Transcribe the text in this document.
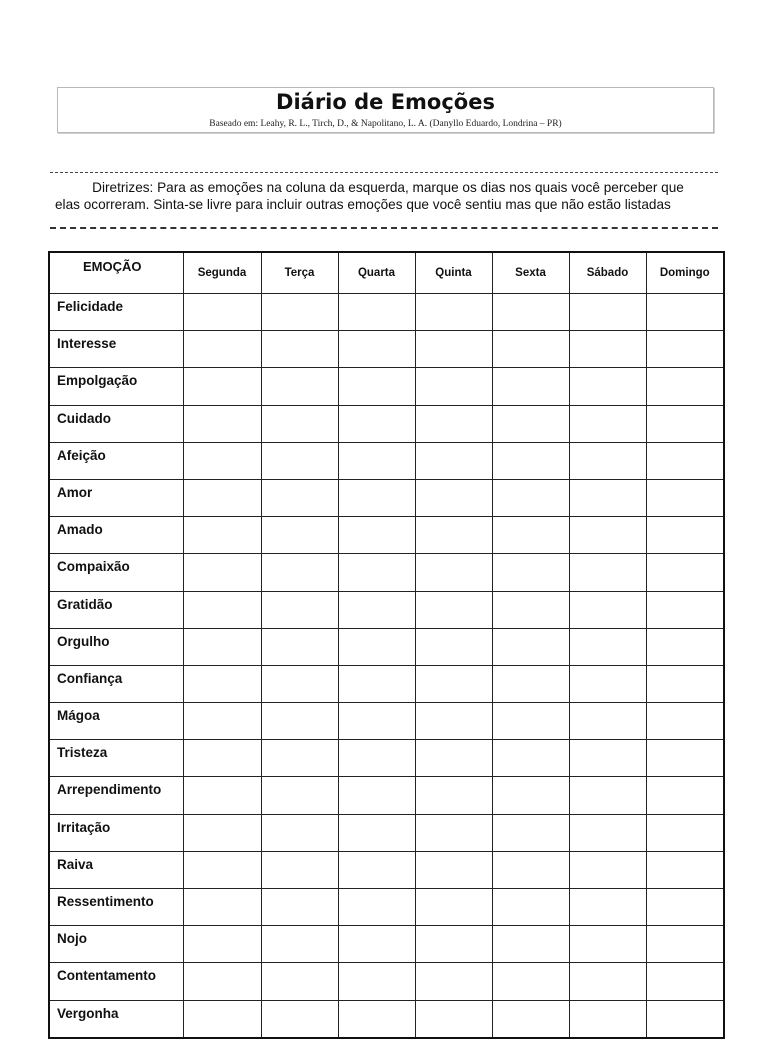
Diário de Emoções
Baseado em: Leahy, R. L., Tirch, D., & Napolitano, L. A. (Danyllo Eduardo, Londrina – PR)
Diretrizes: Para as emoções na coluna da esquerda, marque os dias nos quais você perceber que
elas ocorreram. Sinta-se livre para incluir outras emoções que você sentiu mas que não estão listadas
EMOÇÃO	Segunda	Terça	Quarta	Quinta	Sexta	Sábado	Domingo
Felicidade							
Interesse							
Empolgação							
Cuidado							
Afeição							
Amor							
Amado							
Compaixão							
Gratidão							
Orgulho							
Confiança							
Mágoa							
Tristeza							
Arrependimento							
Irritação							
Raiva							
Ressentimento							
Nojo							
Contentamento							
Vergonha							
